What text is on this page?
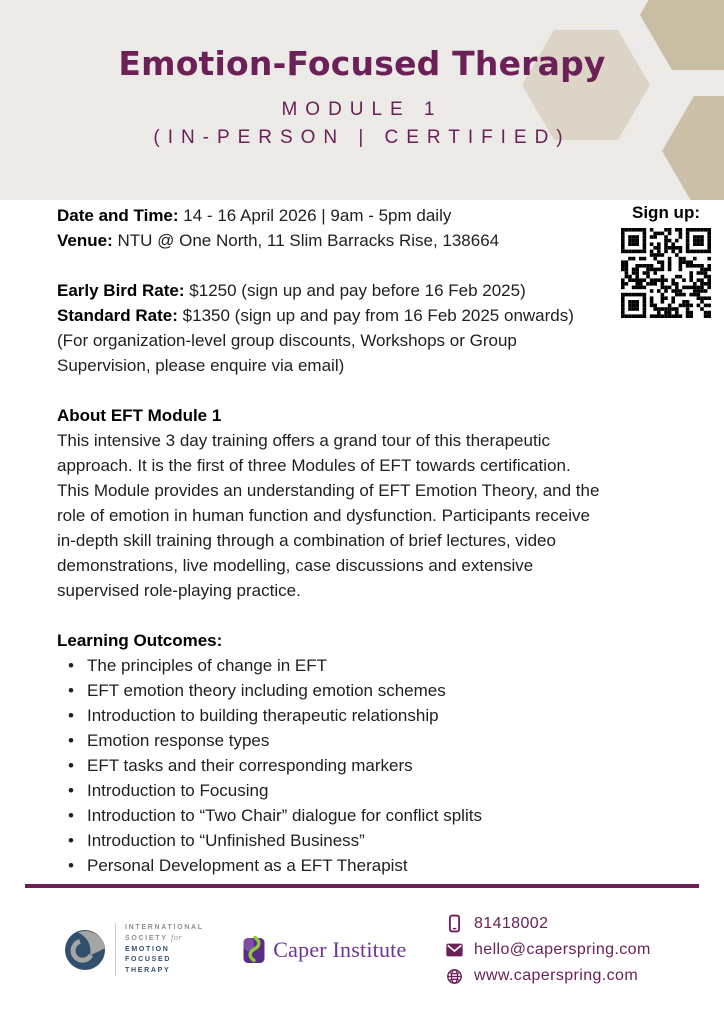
Emotion-Focused Therapy

MODULE 1

(IN-PERSON | CERTIFIED)

Sign up:

Date and Time: 14 - 16 April 2026 | 9am - 5pm daily

Venue: NTU @ One North, 11 Slim Barracks Rise, 138664

Early Bird Rate: $1250 (sign up and pay before 16 Feb 2025)

Standard Rate: $1350 (sign up and pay from 16 Feb 2025 onwards)

(For organization-level group discounts, Workshops or Group Supervision, please enquire via email)

About EFT Module 1

This intensive 3 day training offers a grand tour of this therapeutic approach. It is the first of three Modules of EFT towards certification. This Module provides an understanding of EFT Emotion Theory, and the role of emotion in human function and dysfunction. Participants receive in-depth skill training through a combination of brief lectures, video demonstrations, live modelling, case discussions and extensive supervised role-playing practice.

Learning Outcomes:
• The principles of change in EFT
• EFT emotion theory including emotion schemes
• Introduction to building therapeutic relationship
• Emotion response types
• EFT tasks and their corresponding markers
• Introduction to Focusing
• Introduction to “Two Chair” dialogue for conflict splits
• Introduction to “Unfinished Business”
• Personal Development as a EFT Therapist
INTERNATIONAL
SOCIETY for
EMOTION
FOCUSED
THERAPY
Caper Institute
81418002
hello@caperspring.com
www.caperspring.com
